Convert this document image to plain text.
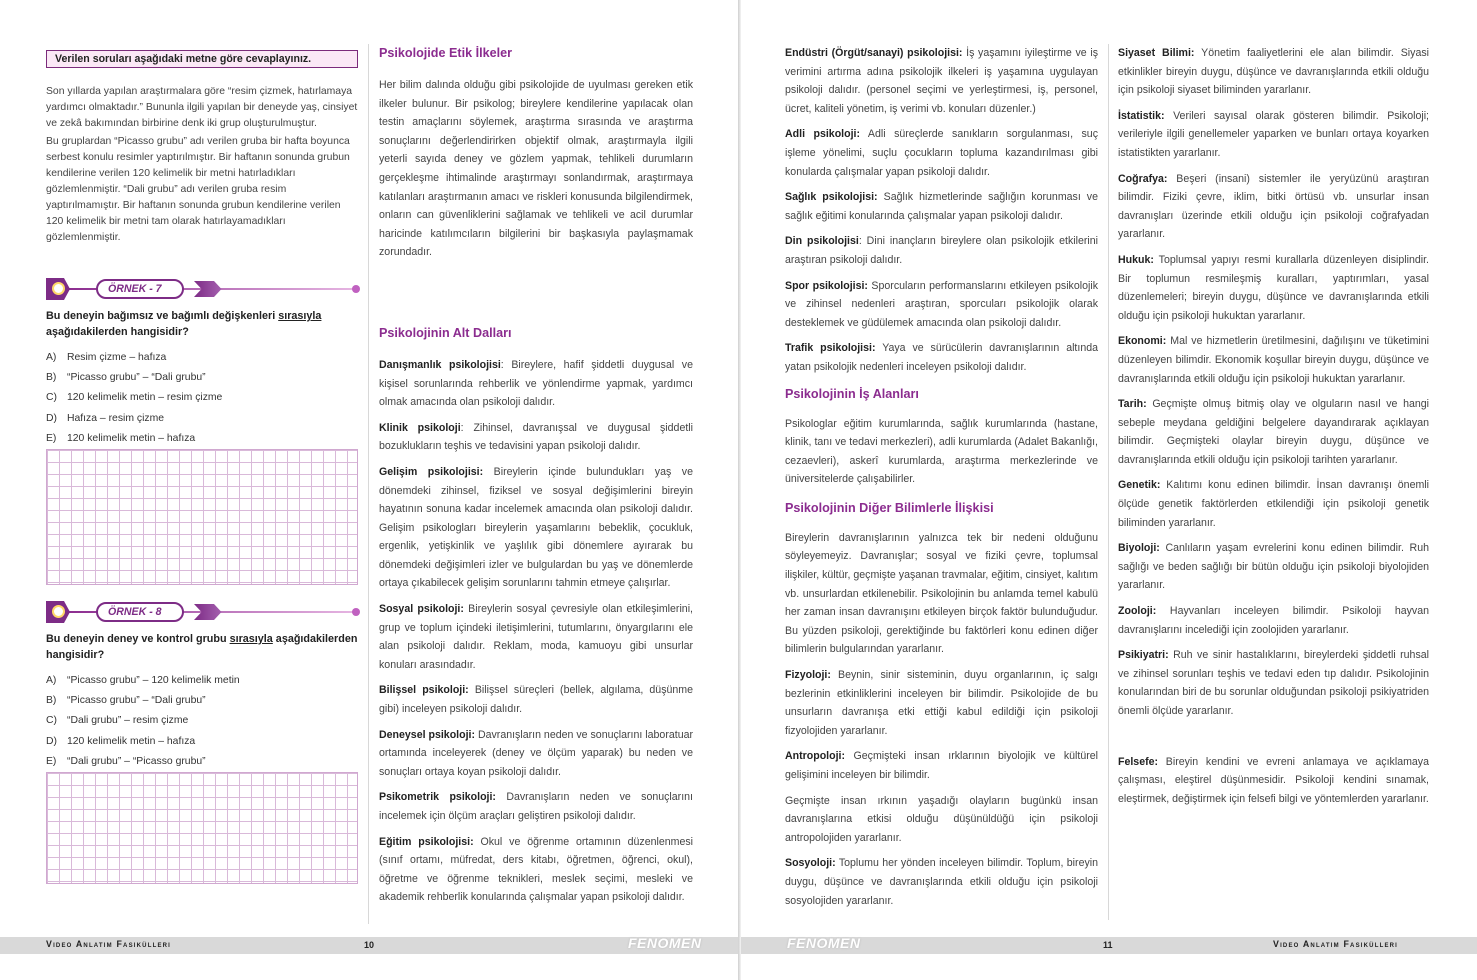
Verilen soruları aşağıdaki metne göre cevaplayınız.

Son yıllarda yapılan araştırmalara göre “resim çizmek, hatırlamaya yardımcı olmaktadır.” Bununla ilgili yapılan bir deneyde yaş, cinsiyet ve zekâ bakımından birbirine denk iki grup oluşturulmuştur.

Bu gruplardan “Picasso grubu” adı verilen gruba bir hafta boyunca serbest konulu resimler yaptırılmıştır. Bir haftanın sonunda grubun kendilerine verilen 120 kelimelik bir metni hatırladıkları gözlemlenmiştir. “Dali grubu” adı verilen gruba resim yaptırılmamıştır. Bir haftanın sonunda grubun kendilerine verilen 120 kelimelik bir metni tam olarak hatırlayamadıkları gözlemlenmiştir.

ÖRNEK - 7
Bu deneyin bağımsız ve bağımlı değişkenleri sırasıyla aşağıdakilerden hangisidir?
A) Resim çizme – hafıza
B) “Picasso grubu” – “Dali grubu”
C) 120 kelimelik metin – resim çizme
D) Hafıza – resim çizme
E) 120 kelimelik metin – hafıza
ÖRNEK - 8
Bu deneyin deney ve kontrol grubu sırasıyla aşağıdakilerden hangisidir?
A) “Picasso grubu” – 120 kelimelik metin
B) “Picasso grubu” – “Dali grubu”
C) “Dali grubu” – resim çizme
D) 120 kelimelik metin – hafıza
E) “Dali grubu” – “Picasso grubu”
Psikolojide Etik İlkeler
Her bilim dalında olduğu gibi psikolojide de uyulması gereken etik ilkeler bulunur. Bir psikolog; bireylere kendilerine yapılacak olan testin amaçlarını söylemek, araştırma sırasında ve araştırma sonuçlarını değerlendirirken objektif olmak, araştırmayla ilgili yeterli sayıda deney ve gözlem yapmak, tehlikeli durumların gerçekleşme ihtimalinde araştırmayı sonlandırmak, araştırmaya katılanları araştırmanın amacı ve riskleri konusunda bilgilendirmek, onların can güvenliklerini sağlamak ve tehlikeli ve acil durumlar haricinde katılımcıların bilgilerini bir başkasıyla paylaşmamak zorundadır.
Psikolojinin Alt Dalları
Danışmanlık psikolojisi: Bireylere, hafif şiddetli duygusal ve kişisel sorunlarında rehberlik ve yönlendirme yapmak, yardımcı olmak amacında olan psikoloji dalıdır.
Klinik psikoloji: Zihinsel, davranışsal ve duygusal şiddetli bozuklukların teşhis ve tedavisini yapan psikoloji dalıdır.
Gelişim psikolojisi: Bireylerin içinde bulundukları yaş ve dönemdeki zihinsel, fiziksel ve sosyal değişimlerini bireyin hayatının sonuna kadar incelemek amacında olan psikoloji dalıdır. Gelişim psikologları bireylerin yaşamlarını bebeklik, çocukluk, ergenlik, yetişkinlik ve yaşlılık gibi dönemlere ayırarak bu dönemdeki değişimleri izler ve bulgulardan bu yaş ve dönemlerde ortaya çıkabilecek gelişim sorunlarını tahmin etmeye çalışırlar.
Sosyal psikoloji: Bireylerin sosyal çevresiyle olan etkileşimlerini, grup ve toplum içindeki iletişimlerini, tutumlarını, önyargılarını ele alan psikoloji dalıdır. Reklam, moda, kamuoyu gibi unsurlar konuları arasındadır.
Bilişsel psikoloji: Bilişsel süreçleri (bellek, algılama, düşünme gibi) inceleyen psikoloji dalıdır.
Deneysel psikoloji: Davranışların neden ve sonuçlarını laboratuar ortamında inceleyerek (deney ve ölçüm yaparak) bu neden ve sonuçları ortaya koyan psikoloji dalıdır.
Psikometrik psikoloji: Davranışların neden ve sonuçlarını incelemek için ölçüm araçları geliştiren psikoloji dalıdır.
Eğitim psikolojisi: Okul ve öğrenme ortamının düzenlenmesi (sınıf ortamı, müfredat, ders kitabı, öğretmen, öğrenci, okul), öğretme ve öğrenme teknikleri, meslek seçimi, mesleki ve akademik rehberlik konularında çalışmalar yapan psikoloji dalıdır.
Video Anlatım Fasikülleri	10	FENOMEN
Endüstri (Örgüt/sanayi) psikolojisi: İş yaşamını iyileştirme ve iş verimini artırma adına psikolojik ilkeleri iş yaşamına uygulayan psikoloji dalıdır. (personel seçimi ve yerleştirmesi, iş, personel, ücret, kaliteli yönetim, iş verimi vb. konuları düzenler.)
Adli psikoloji: Adli süreçlerde sanıkların sorgulanması, suç işleme yönelimi, suçlu çocukların topluma kazandırılması gibi konularda çalışmalar yapan psikoloji dalıdır.
Sağlık psikolojisi: Sağlık hizmetlerinde sağlığın korunması ve sağlık eğitimi konularında çalışmalar yapan psikoloji dalıdır.
Din psikolojisi: Dini inançların bireylere olan psikolojik etkilerini araştıran psikoloji dalıdır.
Spor psikolojisi: Sporcuların performanslarını etkileyen psikolojik ve zihinsel nedenleri araştıran, sporcuları psikolojik olarak desteklemek ve güdülemek amacında olan psikoloji dalıdır.
Trafik psikolojisi: Yaya ve sürücülerin davranışlarının altında yatan psikolojik nedenleri inceleyen psikoloji dalıdır.
Psikolojinin İş Alanları
Psikologlar eğitim kurumlarında, sağlık kurumlarında (hastane, klinik, tanı ve tedavi merkezleri), adli kurumlarda (Adalet Bakanlığı, cezaevleri), askerî kurumlarda, araştırma merkezlerinde ve üniversitelerde çalışabilirler.
Psikolojinin Diğer Bilimlerle İlişkisi
Bireylerin davranışlarının yalnızca tek bir nedeni olduğunu söyleyemeyiz. Davranışlar; sosyal ve fiziki çevre, toplumsal ilişkiler, kültür, geçmişte yaşanan travmalar, eğitim, cinsiyet, kalıtım vb. unsurlardan etkilenebilir. Psikolojinin bu anlamda temel kabulü her zaman insan davranışını etkileyen birçok faktör bulunduğudur. Bu yüzden psikoloji, gerektiğinde bu faktörleri konu edinen diğer bilimlerin bulgularından yararlanır.
Fizyoloji: Beynin, sinir sisteminin, duyu organlarının, iç salgı bezlerinin etkinliklerini inceleyen bir bilimdir. Psikolojide de bu unsurların davranışa etki ettiği kabul edildiği için psikoloji fizyolojiden yararlanır.
Antropoloji: Geçmişteki insan ırklarının biyolojik ve kültürel gelişimini inceleyen bir bilimdir.
Geçmişte insan ırkının yaşadığı olayların bugünkü insan davranışlarına etkisi olduğu düşünüldüğü için psikoloji antropolojiden yararlanır.
Sosyoloji: Toplumu her yönden inceleyen bilimdir. Toplum, bireyin duygu, düşünce ve davranışlarında etkili olduğu için psikoloji sosyolojiden yararlanır.
Siyaset Bilimi: Yönetim faaliyetlerini ele alan bilimdir. Siyasi etkinlikler bireyin duygu, düşünce ve davranışlarında etkili olduğu için psikoloji siyaset biliminden yararlanır.
İstatistik: Verileri sayısal olarak gösteren bilimdir. Psikoloji; verileriyle ilgili genellemeler yaparken ve bunları ortaya koyarken istatistikten yararlanır.
Coğrafya: Beşeri (insani) sistemler ile yeryüzünü araştıran bilimdir. Fiziki çevre, iklim, bitki örtüsü vb. unsurlar insan davranışları üzerinde etkili olduğu için psikoloji coğrafyadan yararlanır.
Hukuk: Toplumsal yapıyı resmi kurallarla düzenleyen disiplindir. Bir toplumun resmileşmiş kuralları, yaptırımları, yasal düzenlemeleri; bireyin duygu, düşünce ve davranışlarında etkili olduğu için psikoloji hukuktan yararlanır.
Ekonomi: Mal ve hizmetlerin üretilmesini, dağılışını ve tüketimini düzenleyen bilimdir. Ekonomik koşullar bireyin duygu, düşünce ve davranışlarında etkili olduğu için psikoloji hukuktan yararlanır.
Tarih: Geçmişte olmuş bitmiş olay ve olguların nasıl ve hangi sebeple meydana geldiğini belgelere dayandırarak açıklayan bilimdir. Geçmişteki olaylar bireyin duygu, düşünce ve davranışlarında etkili olduğu için psikoloji tarihten yararlanır.
Genetik: Kalıtımı konu edinen bilimdir. İnsan davranışı önemli ölçüde genetik faktörlerden etkilendiği için psikoloji genetik biliminden yararlanır.
Biyoloji: Canlıların yaşam evrelerini konu edinen bilimdir. Ruh sağlığı ve beden sağlığı bir bütün olduğu için psikoloji biyolojiden yararlanır.
Zooloji: Hayvanları inceleyen bilimdir. Psikoloji hayvan davranışlarını incelediği için zoolojiden yararlanır.
Psikiyatri: Ruh ve sinir hastalıklarını, bireylerdeki şiddetli ruhsal ve zihinsel sorunları teşhis ve tedavi eden tıp dalıdır. Psikolojinin konularından biri de bu sorunlar olduğundan psikoloji psikiyatriden önemli ölçüde yararlanır.
Felsefe: Bireyin kendini ve evreni anlamaya ve açıklamaya çalışması, eleştirel düşünmesidir. Psikoloji kendini sınamak, eleştirmek, değiştirmek için felsefi bilgi ve yöntemlerden yararlanır.
FENOMEN	11	Video Anlatım Fasikülleri
